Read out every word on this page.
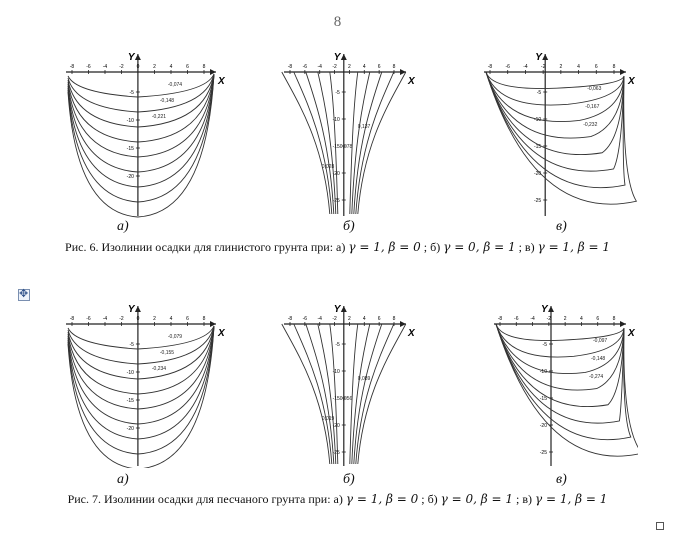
8
X
Y
-8 -6 -4 -2	0	2	4	6	8
-5
-10
-15
-20
-0,074
-0,148
-0,221
X
Y
-8 -6 -4 -2 2 4 6 8
-5
-10
-15
-20
-25
0,137
0,078
0,028
X
Y
-8	-6	-4	-2	2	4	6	8
-5
-10
-15
-20
-25
-0,063
-0,167
-0,232
а)	б)	в)
Рис. 6. Изолинии осадки для глинистого грунта при: а) γ = 1, β = 0 ; б) γ = 0, β = 1 ; в) γ = 1, β = 1
✥
X
Y
-8 -6 -4 -2	0	2	4	6	8
-5
-10
-15
-20
-0,079
-0,155
-0,234
X
Y
-8 -6 -4 -2 2 4 6 8
-5
-10
-15
-20
-25
0,089
0,056
0,019
X
Y
-8 -6 -4 -2	2	4	6	8
-5
-10
-15
-20
-25
-0,097
-0,148
-0,274
а)	б)	в)
Рис. 7. Изолинии осадки для песчаного грунта при: а) γ = 1, β = 0 ; б) γ = 0, β = 1 ; в) γ = 1, β = 1
